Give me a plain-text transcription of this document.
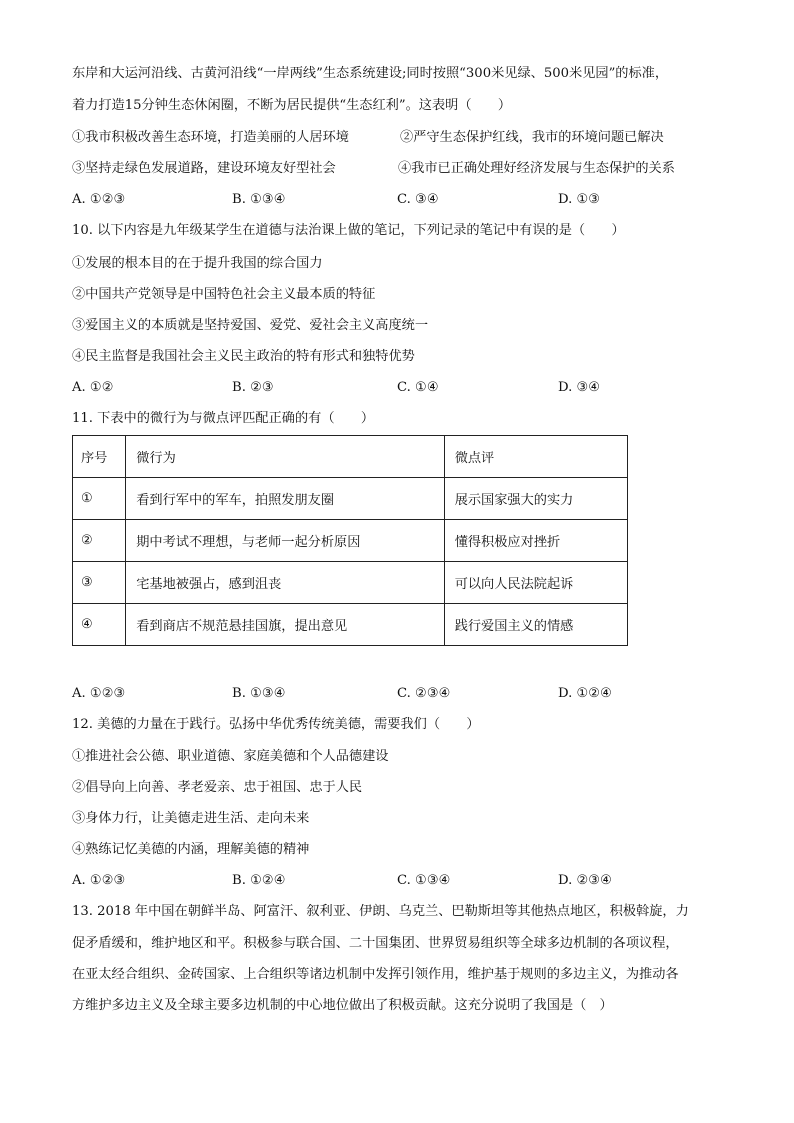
东岸和大运河沿线、古黄河沿线“一岸两线”生态系统建设;同时按照“300米见绿、500米见园”的标准，
着力打造15分钟生态休闲圈，不断为居民提供“生态红利”。这表明（　　）
①我市积极改善生态环境，打造美丽的人居环境	②严守生态保护红线，我市的环境问题已解决
③坚持走绿色发展道路，建设环境友好型社会	④我市已正确处理好经济发展与生态保护的关系
A. ①②③	B. ①③④	C. ③④	D. ①③
10. 以下内容是九年级某学生在道德与法治课上做的笔记，下列记录的笔记中有误的是（　　）
①发展的根本目的在于提升我国的综合国力
②中国共产党领导是中国特色社会主义最本质的特征
③爱国主义的本质就是坚持爱国、爱党、爱社会主义高度统一
④民主监督是我国社会主义民主政治的特有形式和独特优势
A. ①②	B. ②③	C. ①④	D. ③④
11. 下表中的微行为与微点评匹配正确的有（　　）
序号	微行为	微点评
①	看到行军中的军车，拍照发朋友圈	展示国家强大的实力
②	期中考试不理想，与老师一起分析原因	懂得积极应对挫折
③	宅基地被强占，感到沮丧	可以向人民法院起诉
④	看到商店不规范悬挂国旗，提出意见	践行爱国主义的情感
A. ①②③	B. ①③④	C. ②③④	D. ①②④
12. 美德的力量在于践行。弘扬中华优秀传统美德，需要我们（　　）
①推进社会公德、职业道德、家庭美德和个人品德建设
②倡导向上向善、孝老爱亲、忠于祖国、忠于人民
③身体力行，让美德走进生活、走向未来
④熟练记忆美德的内涵，理解美德的精神
A. ①②③	B. ①②④	C. ①③④	D. ②③④
13. 2018 年中国在朝鲜半岛、阿富汗、叙利亚、伊朗、乌克兰、巴勒斯坦等其他热点地区，积极斡旋，力
促矛盾缓和，维护地区和平。积极参与联合国、二十国集团、世界贸易组织等全球多边机制的各项议程，
在亚太经合组织、金砖国家、上合组织等诸边机制中发挥引领作用，维护基于规则的多边主义，为推动各
方维护多边主义及全球主要多边机制的中心地位做出了积极贡献。这充分说明了我国是（　）
